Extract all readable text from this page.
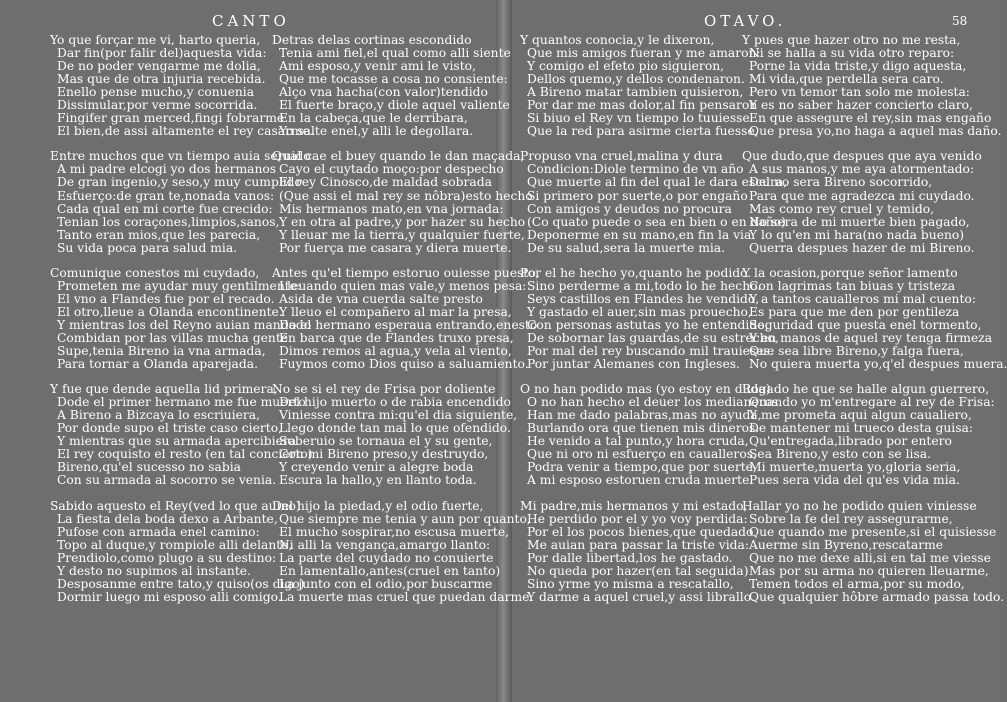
CANTO
Yo que forçar me vi, harto queria,
Dar fin(por falir del)aquesta vida:
De no poder vengarme me dolia,
Mas que de otra injuria recebida.
Enello pense mucho,y conuenia
Dissimular,por verme socorrida.
Fingifer gran merced,fingi fobrarme
El bien,de assi altamente el rey casarme.
Entre muchos que vn tiempo auia seruido
A mi padre elcogi yo dos hermanos
De gran ingenio,y seso,y muy cumplido
Esfuerço:de gran te,nonada vanos:
Cada qual en mi corte fue crecido:
Tenian los coraçones,limpios,sanos,
Tanto eran mios,que les parecia,
Su vida poca para salud mia.
Comunique conestos mi cuydado,
Prometen me ayudar muy gentilmente:
El vno a Flandes fue por el recado.
El otro,lleue a Olanda encontinente.
Y mientras los del Reyno auian mandado
Combidan por las villas mucha gente:
Supe,tenia Bireno ia vna armada,
Para tornar a Olanda aparejada.
Y fue que dende aquella lid primera,
Dode el primer hermano me fue muerto
A Bireno a Bizcaya lo escriuiera,
Por donde supo el triste caso cierto,
Y mientras que su armada apercibiera
El rey coquisto el resto (en tal concierto)
Bireno,qu'el sucesso no sabia
Con su armada al socorro se venia.
Sabido aquesto el Rey(ved lo que auino)
La fiesta dela boda dexo a Arbante,
Pufose con armada enel camino:
Topo al duque,y rompiole alli delante,
Prendiolo,como plugo a su destino:
Y desto no supimos al instante.
Desposanme entre tato,y quiso(os digo)
Dormir luego mi esposo alli comigo.
Detras delas cortinas escondido
Tenia ami fiel,el qual como alli siente
Ami esposo,y venir ami le visto,
Que me tocasse a cosa no consiente:
Alço vna hacha(con valor)tendido
El fuerte braço,y diole aquel valiente
En la cabeça,que le derribara,
Yo salte enel,y alli le degollara.
Qual cae el buey quando le dan maçada,
Cayo el cuytado moço:por despecho
El rey Cinosco,de maldad sobrada
(Que assi el mal rey se nôbra)esto hecho
Mis hermanos mato,en vna jornada:
Y en otra al padre,y por hazer su hecho
Y lleuar me la tierra,y qualquier fuerte,
Por fuerça me casara y diera muerte.
Antes qu'el tiempo estoruo ouiesse puesto,
Lleuando quien mas vale,y menos pesa:
Asida de vna cuerda salte presto
Y lleuo el compañero al mar la presa,
Do el hermano esperaua entrando,enesto
En barca que de Flandes truxo presa,
Dimos remos al agua,y vela al viento,
Fuymos como Dios quiso a saluamiento.
No se si el rey de Frisa por doliente
Del hijo muerto o de rabia encendido
Viniesse contra mi:qu'el dia siguiente,
Llego donde tan mal lo que ofendido.
Soberuio se tornaua el y su gente,
Con mi Bireno preso,y destruydo,
Y creyendo venir a alegre boda
Escura la hallo,y en llanto toda.
Del hijo la piedad,y el odio fuerte,
Que siempre me tenia y aun por quanto,
El mucho sospirar,no escusa muerte,
Ni alli la vengança,amargo llanto:
La parte del cuydado no conuierte
En lamentallo,antes(cruel en tanto)
La junto con el odio,por buscarme
La muerte mas cruel que puedan darme.
OTAVO.	58
Y quantos conocia,y le dixeron,
Que mis amigos fueran y me amaron:
Y comigo el efeto pio siguieron,
Dellos quemo,y dellos condenaron.
A Bireno matar tambien quisieron,
Por dar me mas dolor,al fin pensaron
Si biuo el Rey vn tiempo lo tuuiesse
Que la red para asirme cierta fuesse.
Propuso vna cruel,malina y dura
Condicion:Diole termino de vn año
Que muerte al fin del qual le dara escura,
Si primero por suerte,o por engaño
Con amigos y deudos no procura
(Co quato puede o sea en bien o en daño)
Deponerme en su mano,en fin la via
De su salud,sera la muerte mia.
Por el he hecho yo,quanto he podido.
Sino perderme a mi,todo lo he hecho.
Seys castillos en Flandes he vendido,
Y gastado el auer,sin mas prouecho,
Con personas astutas yo he entendido,
De sobornar las guardas,de su estrecho,
Por mal del rey buscando mil trauieses.
Por juntar Alemanes con Ingleses.
O no han podido mas (yo estoy en duda)
O no han hecho el deuer los medianeros
Han me dado palabras,mas no ayuda,
Burlando ora que tienen mis dineros.
He venido a tal punto,y hora cruda,
Que ni oro ni esfuerço en caualleros,
Podra venir a tiempo,que por suerte,
A mi esposo estoruen cruda muerte.
Mi padre,mis hermanos y mi estado,
He perdido por el y yo voy perdida:
Por el los pocos bienes,que quedado
Me auian para passar la triste vida:
Por dalle libertad,los he gastado.
No queda por hazer(en tal seguida)
Sino yrme yo misma a rescatallo,
Y darme a aquel cruel,y assi librallo.
Y pues que hazer otro no me resta,
Ni se halla a su vida otro reparo:
Porne la vida triste,y digo aquesta,
Mi vida,que perdella sera caro.
Pero vn temor tan solo me molesta:
Y es no saber hazer concierto claro,
En que assegure el rey,sin mas engaño
Que presa yo,no haga a aquel mas daño.
Que dudo,que despues que aya venido
A sus manos,y me aya atormentado:
Del no sera Bireno socorrido,
Para que me agradezca mi cuydado.
Mas como rey cruel y temido,
No sera de mi muerte bien pagado,
Y lo qu'en mi hara(no nada bueno)
Querra despues hazer de mi Bireno.
Y la ocasion,porque señor lamento
Con lagrimas tan biuas y tristeza
Y a tantos caualleros mi mal cuento:
Es para que me den por gentileza
Seguridad que puesta enel tormento,
Y en manos de aquel rey tenga firmeza
Que sea libre Bireno,y falga fuera,
No quiera muerta yo,q'el despues muera.
Rogado he que se halle algun guerrero,
Quando yo m'entregare al rey de Frisa:
Y me prometa aqui algun caualiero,
De mantener mi trueco desta guisa:
Qu'entregada,librado por entero
Sea Bireno,y esto con se lisa.
Mi muerte,muerta yo,gloria seria,
Pues sera vida del qu'es vida mia.
Hallar yo no he podido quien viniesse
Sobre la fe del rey assegurarme,
Que quando me presente,si el quisiesse
Auerme sin Byreno,rescatarme
Que no me dexe alli,si en tal me viesse
Mas por su arma no quieren lleuarme,
Temen todos el arma,por su modo,
Que qualquier hôbre armado passa todo.
